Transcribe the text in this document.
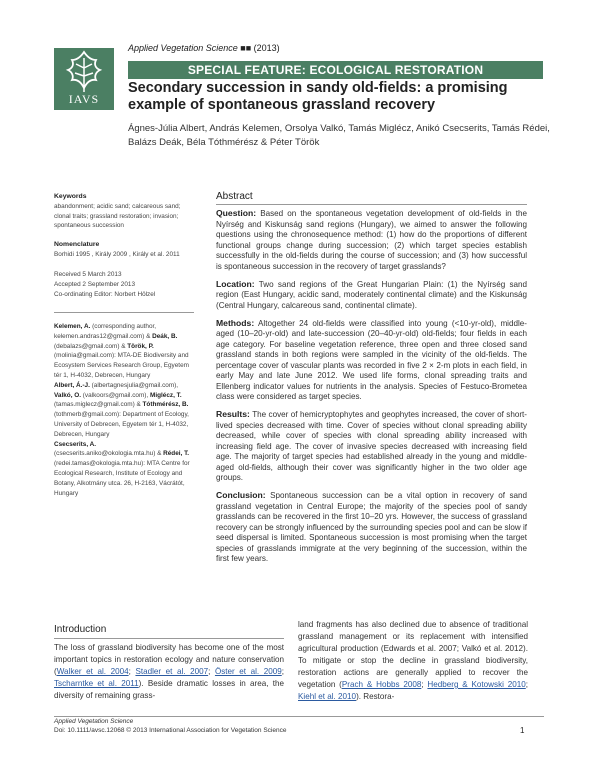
Applied Vegetation Science ■■ (2013)
IAVS
SPECIAL FEATURE: ECOLOGICAL RESTORATION
Secondary succession in sandy old-fields: a promising example of spontaneous grassland recovery
Ágnes-Júlia Albert, András Kelemen, Orsolya Valkó, Tamás Miglécz, Anikó Csecserits, Tamás Rédei, Balázs Deák, Béla Tóthmérész & Péter Török
Keywords
abandonment; acidic sand; calcareous sand; clonal traits; grassland restoration; invasion; spontaneous succession
Nomenclature
Borhidi 1995 , Király 2009 , Király et al. 2011
Received 5 March 2013
Accepted 2 September 2013
Co-ordinating Editor: Norbert Hölzel
Kelemen, A. (corresponding author, kelemen.andras12@gmail.com) & Deák, B. (debalazs@gmail.com) & Török, P. (molinia@gmail.com): MTA-DE Biodiversity and Ecosystem Services Research Group, Egyetem tér 1, H-4032, Debrecen, Hungary
Albert, Á.-J. (albertagnesjulia@gmail.com), Valkó, O. (valkoors@gmail.com), Miglécz, T. (tamas.miglecz@gmail.com) & Tóthmérész, B. (tothmerb@gmail.com): Department of Ecology, University of Debrecen, Egyetem tér 1, H-4032, Debrecen, Hungary
Csecserits, A. (csecserits.aniko@okologia.mta.hu) & Rédei, T. (redei.tamas@okologia.mta.hu): MTA Centre for Ecological Research, Institute of Ecology and Botany, Alkotmány utca. 26, H-2163, Vácrátót, Hungary
Abstract

Question: Based on the spontaneous vegetation development of old-fields in the Nyírség and Kiskunság sand regions (Hungary), we aimed to answer the following questions using the chronosequence method: (1) how do the proportions of different functional groups change during succession; (2) which target species establish successfully in the old-fields during the course of succession; and (3) how successful is spontaneous succession in the recovery of target grasslands?

Location: Two sand regions of the Great Hungarian Plain: (1) the Nyírség sand region (East Hungary, acidic sand, moderately continental climate) and the Kiskunság (Central Hungary, calcareous sand, continental climate).

Methods: Altogether 24 old-fields were classified into young (<10-yr-old), middle-aged (10–20-yr-old) and late-succession (20–40-yr-old) old-fields; four fields in each age category. For baseline vegetation reference, three open and three closed sand grassland stands in both regions were sampled in the vicinity of the old-fields. The percentage cover of vascular plants was recorded in five 2 × 2-m plots in each field, in early May and late June 2012. We used life forms, clonal spreading traits and Ellenberg indicator values for nutrients in the analysis. Species of Festuco-Brometea class were considered as target species.

Results: The cover of hemicryptophytes and geophytes increased, the cover of short-lived species decreased with time. Cover of species without clonal spreading ability decreased, while cover of species with clonal spreading ability increased with increasing field age. The cover of invasive species decreased with increasing field age. The majority of target species had established already in the young and middle-aged old-fields, although their cover was significantly higher in the two older age groups.

Conclusion: Spontaneous succession can be a vital option in recovery of sand grassland vegetation in Central Europe; the majority of the species pool of sandy grasslands can be recovered in the first 10–20 yrs. However, the success of grassland recovery can be strongly influenced by the surrounding species pool and can be slow if seed dispersal is limited. Spontaneous succession is most promising when the target species of grasslands immigrate at the very beginning of the succession, within the first few years.

Introduction
The loss of grassland biodiversity has become one of the most important topics in restoration ecology and nature conservation (Walker et al. 2004; Stadler et al. 2007; Öster et al. 2009; Tscharntke et al. 2011). Beside dramatic losses in area, the diversity of remaining grass-
land fragments has also declined due to absence of traditional grassland management or its replacement with intensified agricultural production (Edwards et al. 2007; Valkó et al. 2012). To mitigate or stop the decline in grassland biodiversity, restoration actions are generally applied to recover the vegetation (Prach & Hobbs 2008; Hedberg & Kotowski 2010; Kiehl et al. 2010). Restora-
Applied Vegetation Science
Doi: 10.1111/avsc.12068 © 2013 International Association for Vegetation Science	1
